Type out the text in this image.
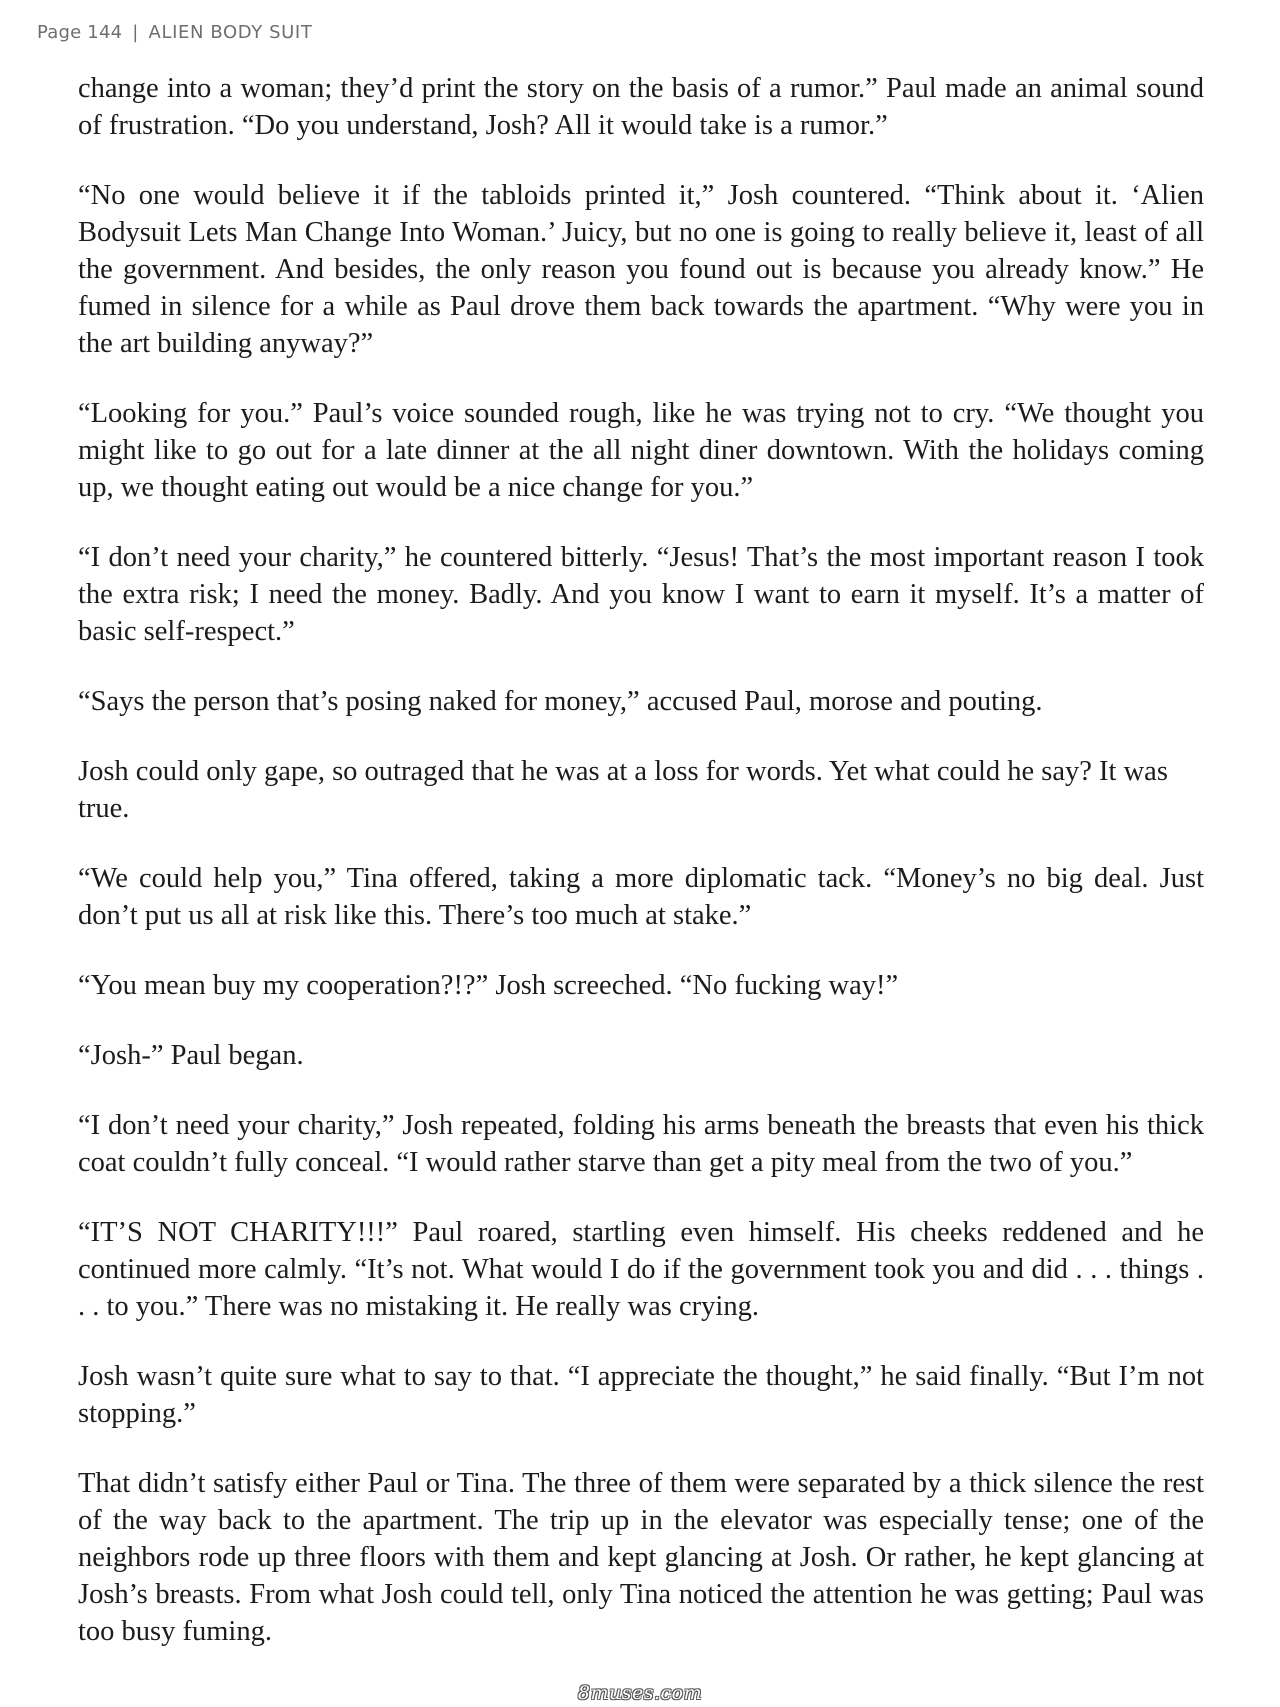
Page 144 | ALIEN BODY SUIT

change into a woman; they’d print the story on the basis of a rumor.” Paul made an animal sound of frustration. “Do you understand, Josh? All it would take is a rumor.”

“No one would believe it if the tabloids printed it,” Josh countered. “Think about it. ‘Alien Bodysuit Lets Man Change Into Woman.’ Juicy, but no one is going to really believe it, least of all the government. And besides, the only reason you found out is because you already know.” He fumed in silence for a while as Paul drove them back towards the apartment. “Why were you in the art building anyway?”

“Looking for you.” Paul’s voice sounded rough, like he was trying not to cry. “We thought you might like to go out for a late dinner at the all night diner downtown. With the holidays coming up, we thought eating out would be a nice change for you.”

“I don’t need your charity,” he countered bitterly. “Jesus! That’s the most important reason I took the extra risk; I need the money. Badly. And you know I want to earn it myself. It’s a matter of basic self-respect.”

“Says the person that’s posing naked for money,” accused Paul, morose and pouting.

Josh could only gape, so outraged that he was at a loss for words. Yet what could he say? It was true.

“We could help you,” Tina offered, taking a more diplomatic tack. “Money’s no big deal. Just don’t put us all at risk like this. There’s too much at stake.”

“You mean buy my cooperation?!?” Josh screeched. “No fucking way!”

“Josh-” Paul began.

“I don’t need your charity,” Josh repeated, folding his arms beneath the breasts that even his thick coat couldn’t fully conceal. “I would rather starve than get a pity meal from the two of you.”

“IT’S NOT CHARITY!!!” Paul roared, startling even himself. His cheeks reddened and he continued more calmly. “It’s not. What would I do if the government took you and did . . . things . . . to you.” There was no mistaking it. He really was crying.

Josh wasn’t quite sure what to say to that. “I appreciate the thought,” he said finally. “But I’m not stopping.”

That didn’t satisfy either Paul or Tina. The three of them were separated by a thick silence the rest of the way back to the apartment. The trip up in the elevator was especially tense; one of the neighbors rode up three floors with them and kept glancing at Josh. Or rather, he kept glancing at Josh’s breasts. From what Josh could tell, only Tina noticed the attention he was getting; Paul was too busy fuming.

8muses.com
